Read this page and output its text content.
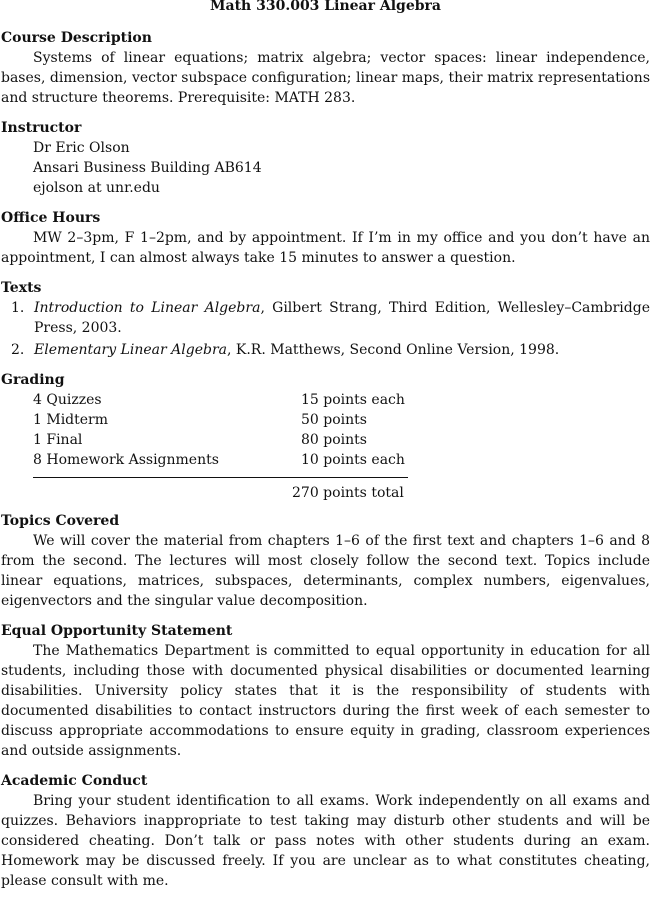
Math 330.003 Linear Algebra
Course Description
Systems of linear equations; matrix algebra; vector spaces: linear independence, bases, dimension, vector subspace configuration; linear maps, their matrix representations and structure theorems. Prerequisite: MATH 283.
Instructor
Dr Eric Olson
Ansari Business Building AB614
ejolson at unr.edu
Office Hours
MW 2–3pm, F 1–2pm, and by appointment. If I’m in my office and you don’t have an appointment, I can almost always take 15 minutes to answer a question.
Texts
1. Introduction to Linear Algebra, Gilbert Strang, Third Edition, Wellesley–Cambridge Press, 2003.
2. Elementary Linear Algebra, K.R. Matthews, Second Online Version, 1998.
Grading
4 Quizzes	15 points each
1 Midterm	50 points
1 Final	80 points
8 Homework Assignments	10 points each
270 points total
Topics Covered
We will cover the material from chapters 1–6 of the first text and chapters 1–6 and 8 from the second. The lectures will most closely follow the second text. Topics include linear equations, matrices, subspaces, determinants, complex numbers, eigenvalues, eigenvectors and the singular value decomposition.
Equal Opportunity Statement
The Mathematics Department is committed to equal opportunity in education for all students, including those with documented physical disabilities or documented learning disabilities. University policy states that it is the responsibility of students with documented disabilities to contact instructors during the first week of each semester to discuss appropriate accommodations to ensure equity in grading, classroom experiences and outside assignments.
Academic Conduct
Bring your student identification to all exams. Work independently on all exams and quizzes. Behaviors inappropriate to test taking may disturb other students and will be considered cheating. Don’t talk or pass notes with other students during an exam. Homework may be discussed freely. If you are unclear as to what constitutes cheating, please consult with me.
